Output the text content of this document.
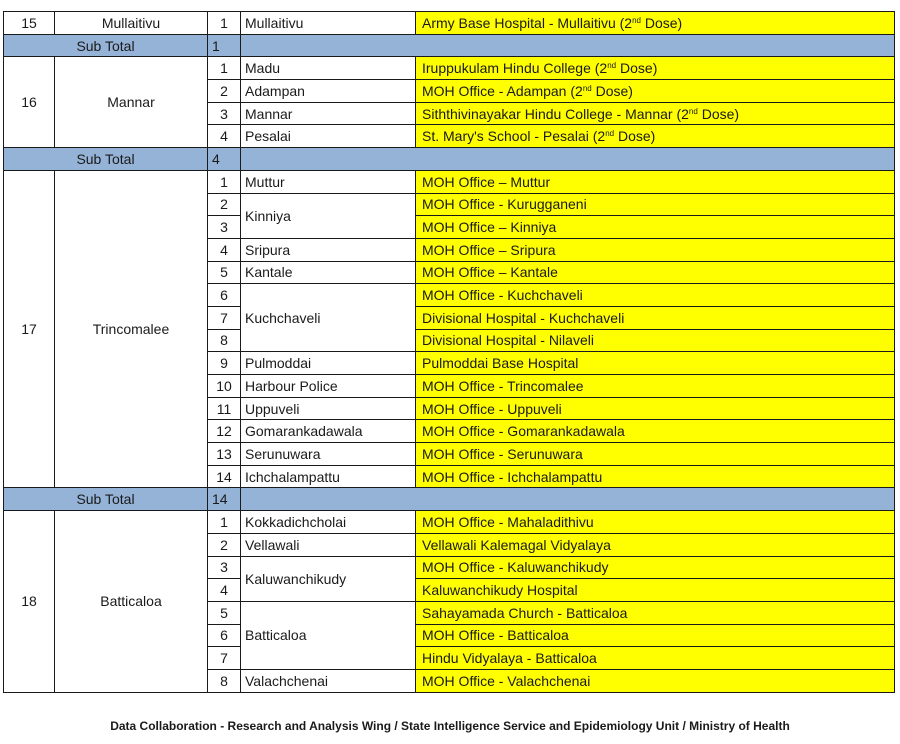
15	Mullaitivu	1	Mullaitivu	Army Base Hospital - Mullaitivu (2nd Dose)
Sub Total		1		
16	Mannar	1	Madu	Iruppukulam Hindu College (2nd Dose)
		2	Adampan	MOH Office - Adampan (2nd Dose)
		3	Mannar	Siththivinayakar Hindu College - Mannar (2nd Dose)
		4	Pesalai	St. Mary's School - Pesalai (2nd Dose)
Sub Total		4		
17	Trincomalee	1	Muttur	MOH Office – Muttur
		2	Kinniya	MOH Office - Kurugganeni
		3		MOH Office – Kinniya
		4	Sripura	MOH Office – Sripura
		5	Kantale	MOH Office – Kantale
		6	Kuchchaveli	MOH Office - Kuchchaveli
		7		Divisional Hospital - Kuchchaveli
		8		Divisional Hospital - Nilaveli
		9	Pulmoddai	Pulmoddai Base Hospital
		10	Harbour Police	MOH Office - Trincomalee
		11	Uppuveli	MOH Office - Uppuveli
		12	Gomarankadawala	MOH Office - Gomarankadawala
		13	Serunuwara	MOH Office - Serunuwara
		14	Ichchalampattu	MOH Office - Ichchalampattu
Sub Total		14		
18	Batticaloa	1	Kokkadichcholai	MOH Office - Mahaladithivu
		2	Vellawali	Vellawali Kalemagal Vidyalaya
		3	Kaluwanchikudy	MOH Office - Kaluwanchikudy
		4		Kaluwanchikudy Hospital
		5	Batticaloa	Sahayamada Church - Batticaloa
		6		MOH Office - Batticaloa
		7		Hindu Vidyalaya - Batticaloa
		8	Valachchenai	MOH Office - Valachchenai
Data Collaboration - Research and Analysis Wing / State Intelligence Service and Epidemiology Unit / Ministry of Health
